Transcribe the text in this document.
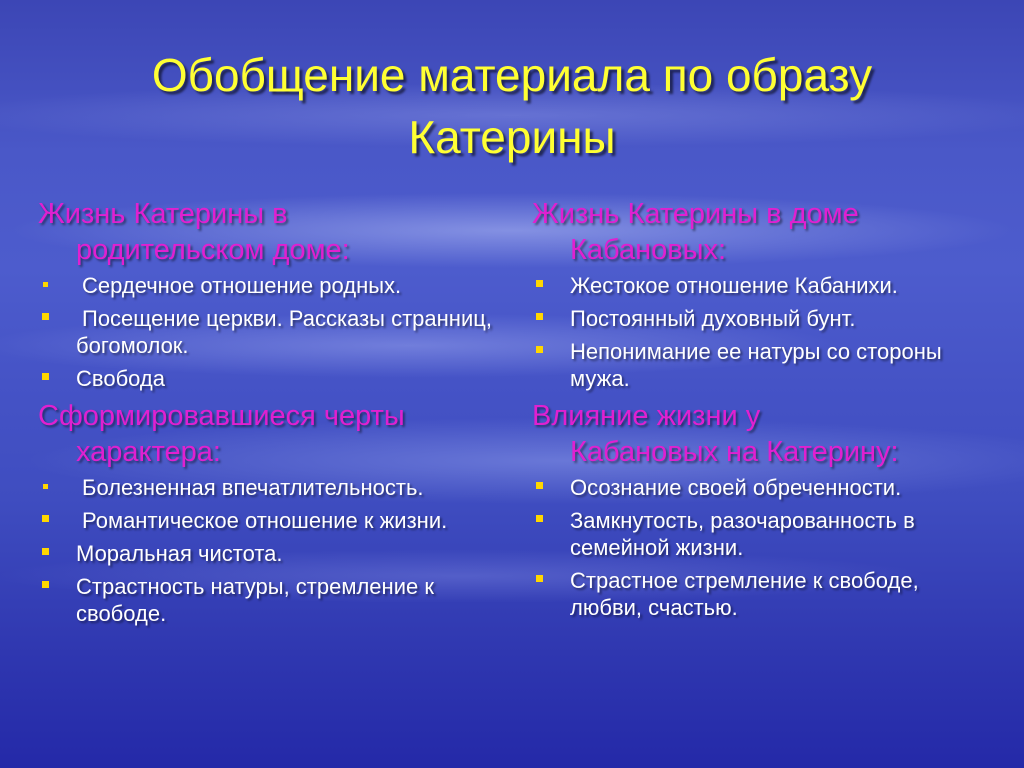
Обобщение материала по образу Катерины
Жизнь Катерины в
родительском доме:
Сердечное отношение родных.
Посещение церкви. Рассказы странниц, богомолок.
Свобода
Сформировавшиеся черты
характера:
Болезненная впечатлительность.
Романтическое отношение к жизни.
Моральная чистота.
Страстность натуры, стремление к свободе.
Жизнь Катерины в доме
Кабановых:
Жестокое отношение Кабанихи.
Постоянный духовный бунт.
Непонимание ее натуры со стороны мужа.
Влияние жизни у
Кабановых на Катерину:
Осознание своей обреченности.
Замкнутость, разочарованность в семейной жизни.
Страстное стремление к свободе, любви, счастью.
